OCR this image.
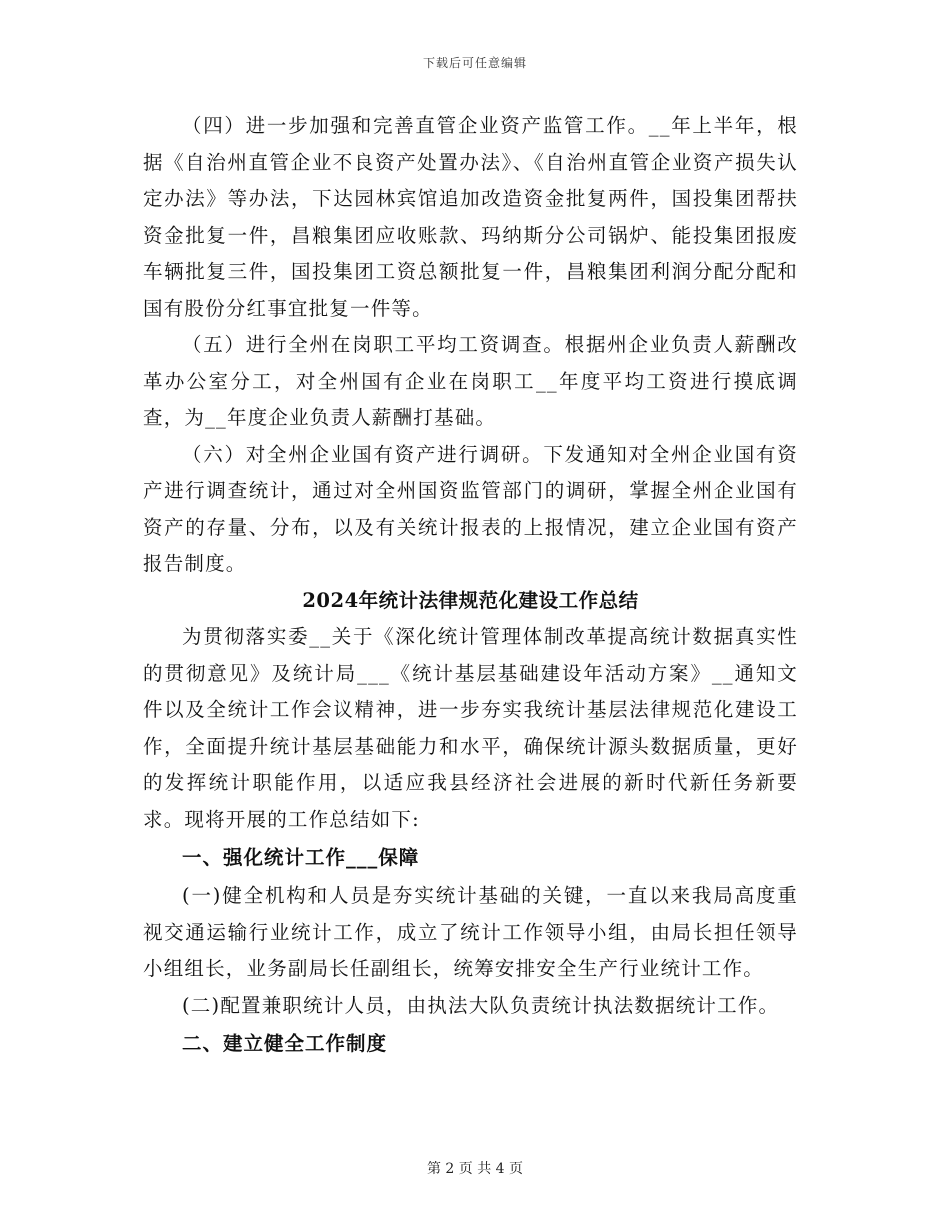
下载后可任意编辑

（四）进一步加强和完善直管企业资产监管工作。__年上半年，根据《自治州直管企业不良资产处置办法》、《自治州直管企业资产损失认定办法》等办法，下达园林宾馆追加改造资金批复两件，国投集团帮扶资金批复一件，昌粮集团应收账款、玛纳斯分公司锅炉、能投集团报废车辆批复三件，国投集团工资总额批复一件，昌粮集团利润分配分配和国有股份分红事宜批复一件等。

（五）进行全州在岗职工平均工资调查。根据州企业负责人薪酬改革办公室分工，对全州国有企业在岗职工__年度平均工资进行摸底调查，为__年度企业负责人薪酬打基础。

（六）对全州企业国有资产进行调研。下发通知对全州企业国有资产进行调查统计，通过对全州国资监管部门的调研，掌握全州企业国有资产的存量、分布，以及有关统计报表的上报情况，建立企业国有资产报告制度。

2024年统计法律规范化建设工作总结

为贯彻落实委__关于《深化统计管理体制改革提高统计数据真实性的贯彻意见》及统计局___《统计基层基础建设年活动方案》__通知文件以及全统计工作会议精神，进一步夯实我统计基层法律规范化建设工作，全面提升统计基层基础能力和水平，确保统计源头数据质量，更好的发挥统计职能作用，以适应我县经济社会进展的新时代新任务新要求。现将开展的工作总结如下:

一、强化统计工作___保障

(一)健全机构和人员是夯实统计基础的关键，一直以来我局高度重视交通运输行业统计工作，成立了统计工作领导小组，由局长担任领导小组组长，业务副局长任副组长，统筹安排安全生产行业统计工作。

(二)配置兼职统计人员，由执法大队负责统计执法数据统计工作。

二、建立健全工作制度
第 2 页 共 4 页
